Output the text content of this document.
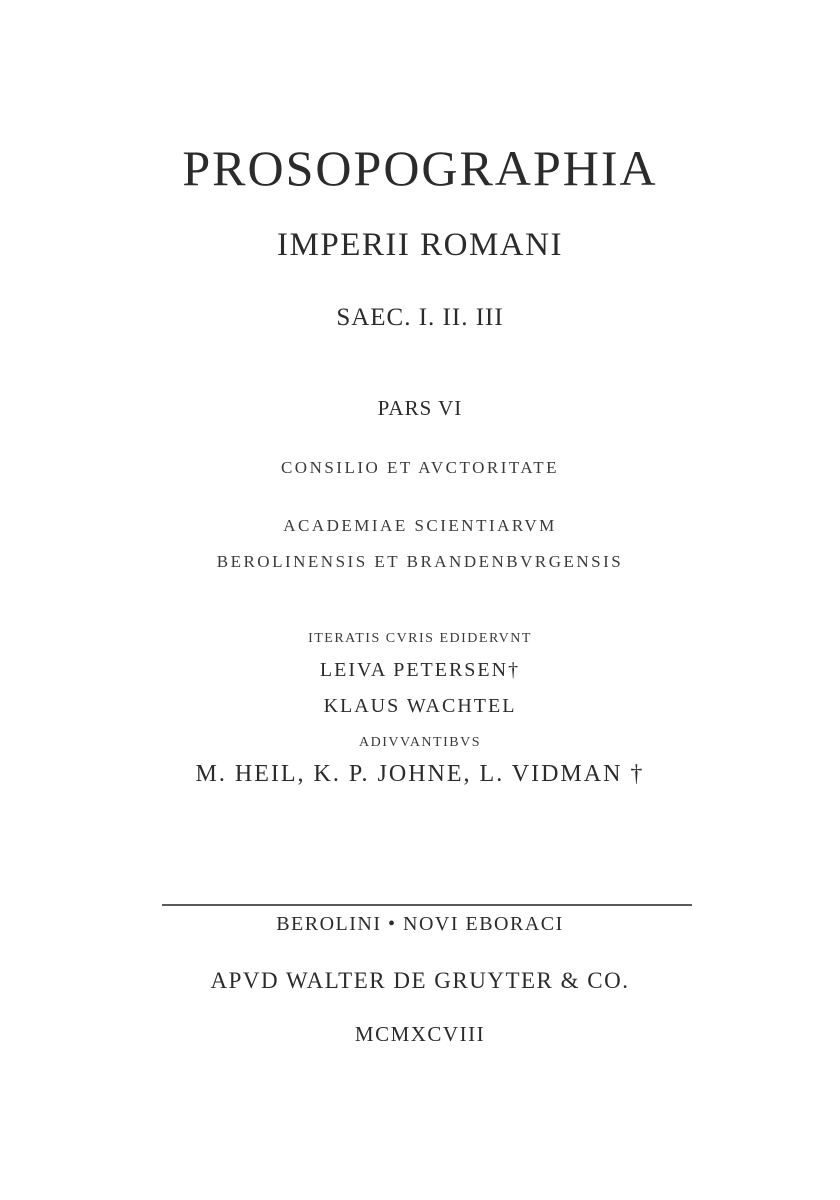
PROSOPOGRAPHIA
IMPERII ROMANI
SAEC. I. II. III
PARS VI
CONSILIO ET AVCTORITATE
ACADEMIAE SCIENTIARVM
BEROLINENSIS ET BRANDENBVRGENSIS
ITERATIS CVRIS EDIDERVNT
LEIVA PETERSEN†
KLAUS WACHTEL
ADIVVANTIBVS
M. HEIL, K. P. JOHNE, L. VIDMAN †
BEROLINI • NOVI EBORACI
APVD WALTER DE GRUYTER & CO.
MCMXCVIII
